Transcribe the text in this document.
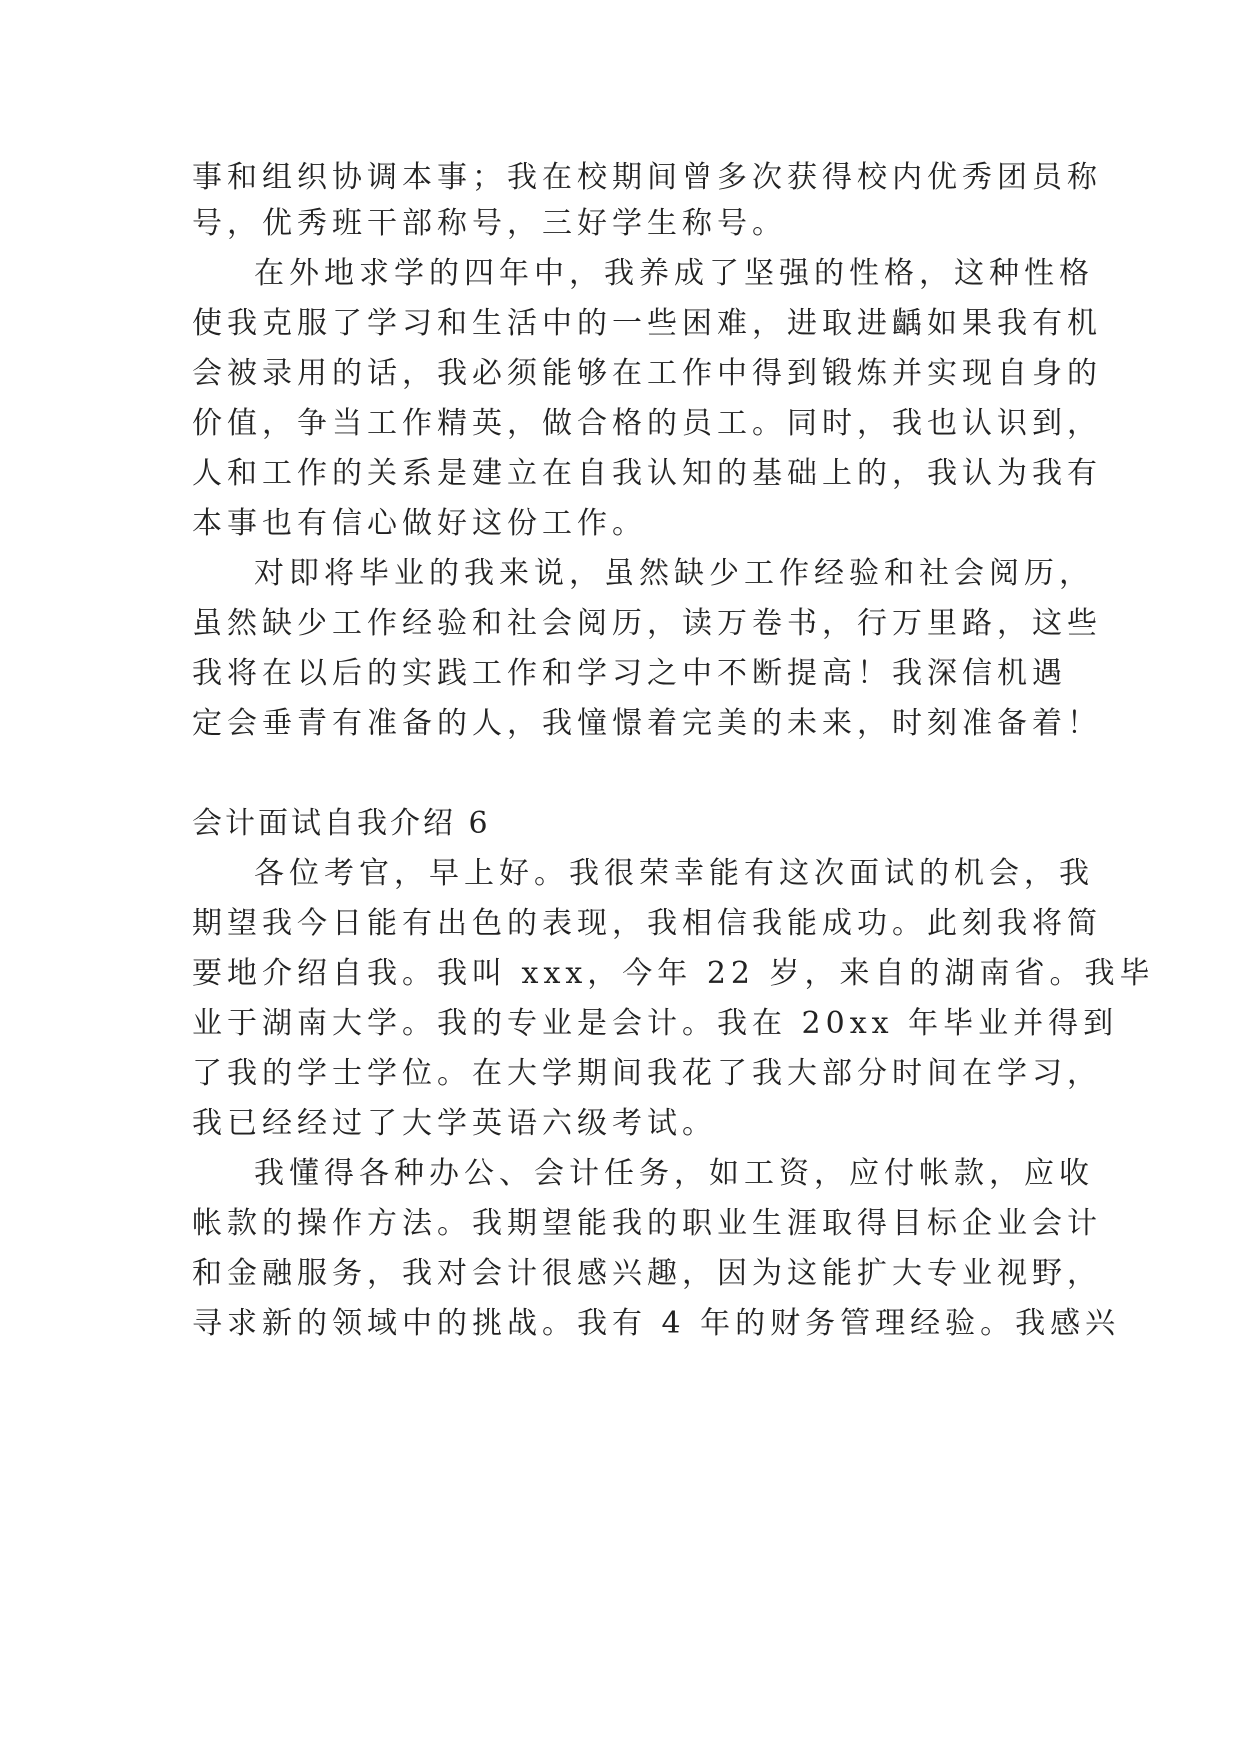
事和组织协调本事；我在校期间曾多次获得校内优秀团员称
号，优秀班干部称号，三好学生称号。
在外地求学的四年中，我养成了坚强的性格，这种性格
使我克服了学习和生活中的一些困难，进取进齲如果我有机
会被录用的话，我必须能够在工作中得到锻炼并实现自身的
价值，争当工作精英，做合格的员工。同时，我也认识到，
人和工作的关系是建立在自我认知的基础上的，我认为我有
本事也有信心做好这份工作。
对即将毕业的我来说，虽然缺少工作经验和社会阅历，
虽然缺少工作经验和社会阅历，读万卷书，行万里路，这些
我将在以后的实践工作和学习之中不断提高！我深信机遇
定会垂青有准备的人，我憧憬着完美的未来，时刻准备着！
会计面试自我介绍 6
各位考官，早上好。我很荣幸能有这次面试的机会，我
期望我今日能有出色的表现，我相信我能成功。此刻我将简
要地介绍自我。我叫 xxx，今年 22 岁，来自的湖南省。我毕
业于湖南大学。我的专业是会计。我在 20xx 年毕业并得到
了我的学士学位。在大学期间我花了我大部分时间在学习，
我已经经过了大学英语六级考试。
我懂得各种办公、会计任务，如工资，应付帐款，应收
帐款的操作方法。我期望能我的职业生涯取得目标企业会计
和金融服务，我对会计很感兴趣，因为这能扩大专业视野，
寻求新的领域中的挑战。我有 4 年的财务管理经验。我感兴
